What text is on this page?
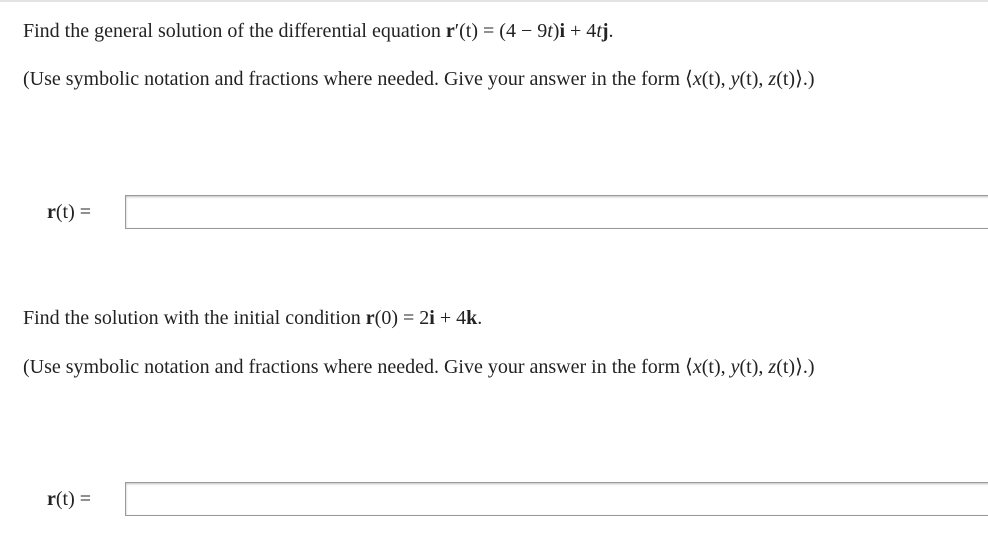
Find the general solution of the differential equation r′(t) = (4 − 9t)i + 4tj.
(Use symbolic notation and fractions where needed. Give your answer in the form ⟨x(t), y(t), z(t)⟩.)
r(t) =
Find the solution with the initial condition r(0) = 2i + 4k.
(Use symbolic notation and fractions where needed. Give your answer in the form ⟨x(t), y(t), z(t)⟩.)
r(t) =
